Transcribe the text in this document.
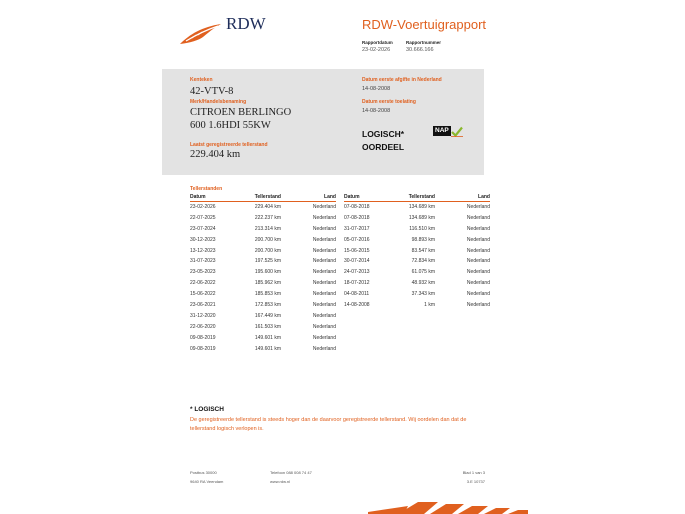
RDW	RDW-Voertuigrapport
Rapportdatum
23-02-2026
Rapportnummer
30.666.166
Kenteken
42-VTV-8
Merk/Handelsbenaming
CITROEN BERLINGO
600 1.6HDI 55KW
Laatst geregistreerde tellerstand
229.404 km
Datum eerste afgifte in Nederland
14-08-2008
Datum eerste toelating
14-08-2008
LOGISCH*
OORDEEL
NAP
Tellerstanden
Datum	Tellerstand	Land
23-02-2026	229.404 km	Nederland
22-07-2025	222.237 km	Nederland
23-07-2024	213.314 km	Nederland
30-12-2023	200.700 km	Nederland
13-12-2023	200.700 km	Nederland
31-07-2023	197.525 km	Nederland
23-05-2023	195.600 km	Nederland
22-06-2022	185.962 km	Nederland
15-06-2022	185.853 km	Nederland
23-06-2021	172.853 km	Nederland
31-12-2020	167.449 km	Nederland
22-06-2020	161.503 km	Nederland
09-08-2019	149.601 km	Nederland
09-08-2019	149.601 km	Nederland
Datum	Tellerstand	Land
07-08-2018	134.689 km	Nederland
07-08-2018	134.689 km	Nederland
31-07-2017	116.510 km	Nederland
05-07-2016	98.893 km	Nederland
15-06-2015	83.547 km	Nederland
30-07-2014	72.834 km	Nederland
24-07-2013	61.075 km	Nederland
18-07-2012	48.932 km	Nederland
04-08-2011	37.343 km	Nederland
14-08-2008	1 km	Nederland
* LOGISCH
De geregistreerde tellerstand is steeds hoger dan de daarvoor geregistreerde tellerstand. Wij oordelen dan dat de tellerstand logisch verlopen is.
Postbus 30000
9640 RA Veendam
Telefoon 088 008 74 47
www.rdw.nl
Blad 1 van 3
3.E 10737
